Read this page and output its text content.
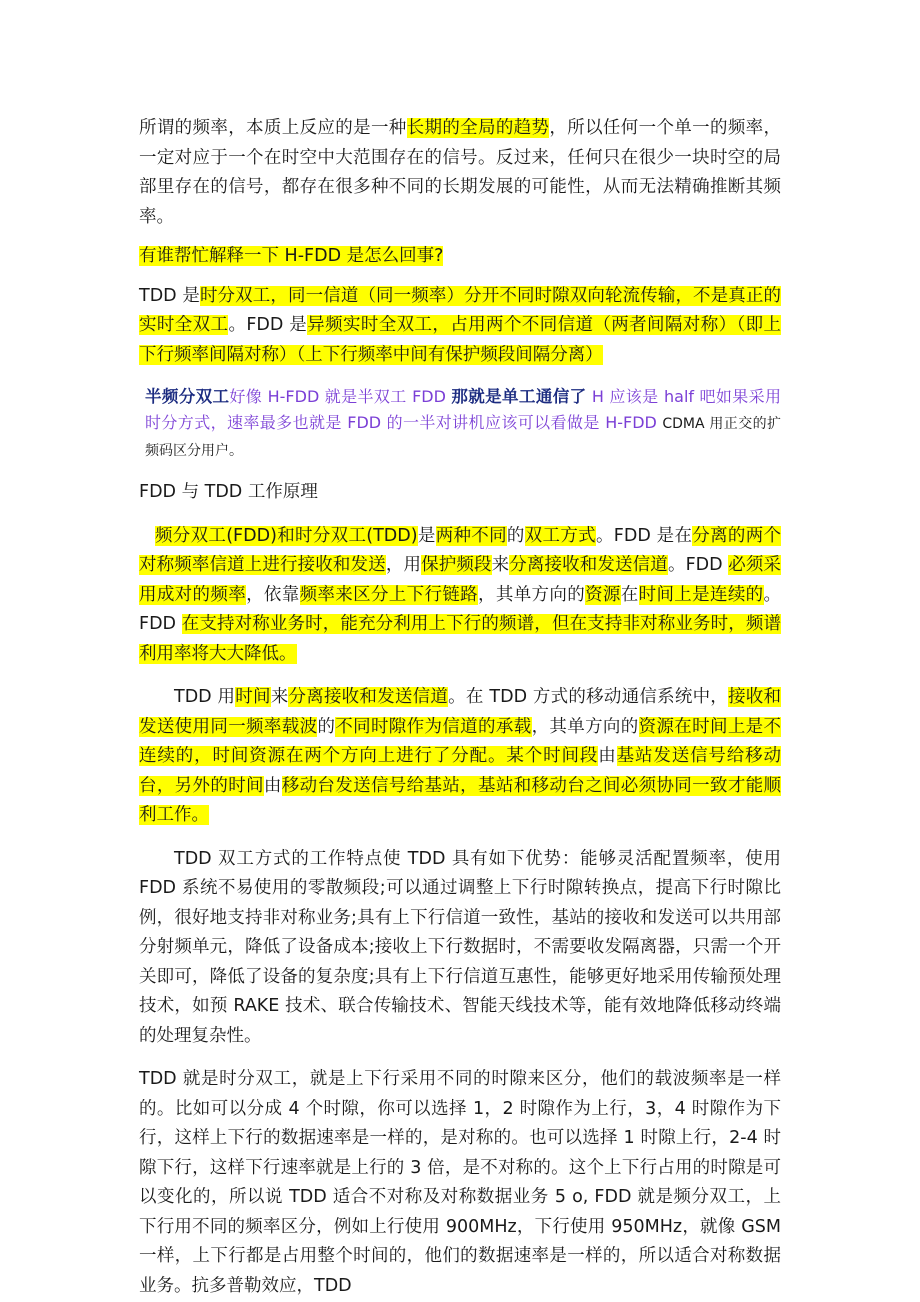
所谓的频率，本质上反应的是一种长期的全局的趋势，所以任何一个单一的频率，一定对应于一个在时空中大范围存在的信号。反过来，任何只在很少一块时空的局部里存在的信号，都存在很多种不同的长期发展的可能性，从而无法精确推断其频率。

有谁帮忙解释一下 H-FDD 是怎么回事?

TDD 是时分双工，同一信道（同一频率）分开不同时隙双向轮流传输，不是真正的实时全双工。FDD 是异频实时全双工，占用两个不同信道（两者间隔对称）（即上下行频率间隔对称）（上下行频率中间有保护频段间隔分离）

半频分双工好像 H-FDD 就是半双工 FDD 那就是单工通信了 H 应该是 half 吧如果采用时分方式，速率最多也就是 FDD 的一半对讲机应该可以看做是 H-FDD CDMA 用正交的扩频码区分用户。

FDD 与 TDD 工作原理

频分双工(FDD)和时分双工(TDD)是两种不同的双工方式。FDD 是在分离的两个对称频率信道上进行接收和发送，用保护频段来分离接收和发送信道。FDD 必须采用成对的频率，依靠频率来区分上下行链路，其单方向的资源在时间上是连续的。FDD 在支持对称业务时，能充分利用上下行的频谱，但在支持非对称业务时，频谱利用率将大大降低。

TDD 用时间来分离接收和发送信道。在 TDD 方式的移动通信系统中，接收和发送使用同一频率载波的不同时隙作为信道的承载，其单方向的资源在时间上是不连续的，时间资源在两个方向上进行了分配。某个时间段由基站发送信号给移动台，另外的时间由移动台发送信号给基站，基站和移动台之间必须协同一致才能顺利工作。

TDD 双工方式的工作特点使 TDD 具有如下优势：能够灵活配置频率，使用 FDD 系统不易使用的零散频段;可以通过调整上下行时隙转换点，提高下行时隙比例，很好地支持非对称业务;具有上下行信道一致性，基站的接收和发送可以共用部分射频单元，降低了设备成本;接收上下行数据时，不需要收发隔离器，只需一个开关即可，降低了设备的复杂度;具有上下行信道互惠性，能够更好地采用传输预处理技术，如预 RAKE 技术、联合传输技术、智能天线技术等，能有效地降低移动终端的处理复杂性。

TDD 就是时分双工，就是上下行采用不同的时隙来区分，他们的载波频率是一样的。比如可以分成 4 个时隙，你可以选择 1，2 时隙作为上行，3，4 时隙作为下行，这样上下行的数据速率是一样的，是对称的。也可以选择 1 时隙上行，2-4 时隙下行，这样下行速率就是上行的 3 倍，是不对称的。这个上下行占用的时隙是可以变化的，所以说 TDD 适合不对称及对称数据业务 5 o, FDD 就是频分双工，上下行用不同的频率区分，例如上行使用 900MHz，下行使用 950MHz，就像 GSM 一样，上下行都是占用整个时间的，他们的数据速率是一样的，所以适合对称数据业务。抗多普勒效应，TDD
